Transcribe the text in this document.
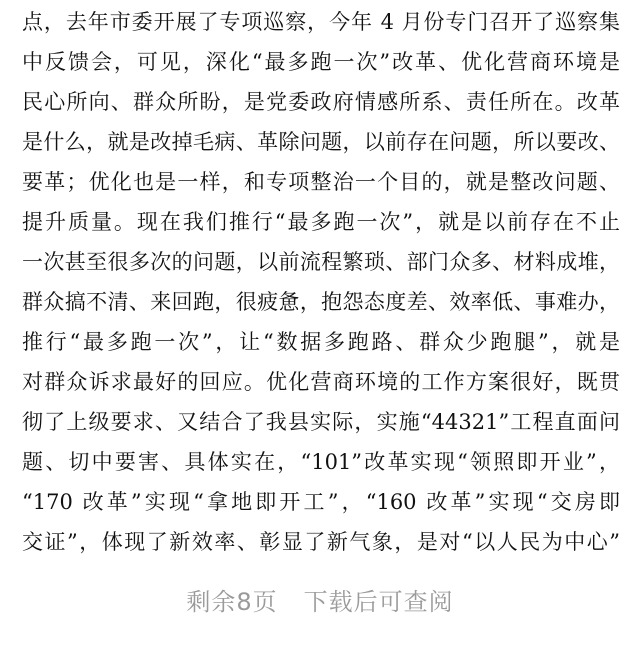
点，去年市委开展了专项巡察，今年 4 月份专门召开了巡察集
中反馈会，可见，深化“最多跑一次”改革、优化营商环境是
民心所向、群众所盼，是党委政府情感所系、责任所在。改革
是什么，就是改掉毛病、革除问题，以前存在问题，所以要改、
要革；优化也是一样，和专项整治一个目的，就是整改问题、
提升质量。现在我们推行“最多跑一次”，就是以前存在不止
一次甚至很多次的问题，以前流程繁琐、部门众多、材料成堆，
群众搞不清、来回跑，很疲惫，抱怨态度差、效率低、事难办，
推行“最多跑一次”，让“数据多跑路、群众少跑腿”，就是
对群众诉求最好的回应。优化营商环境的工作方案很好，既贯
彻了上级要求、又结合了我县实际，实施“44321”工程直面问
题、切中要害、具体实在，“101”改革实现“领照即开业”，
“170 改革”实现“拿地即开工”，“160 改革”实现“交房即
交证”，体现了新效率、彰显了新气象，是对“以人民为中心”
剩余8页 下载后可查阅
